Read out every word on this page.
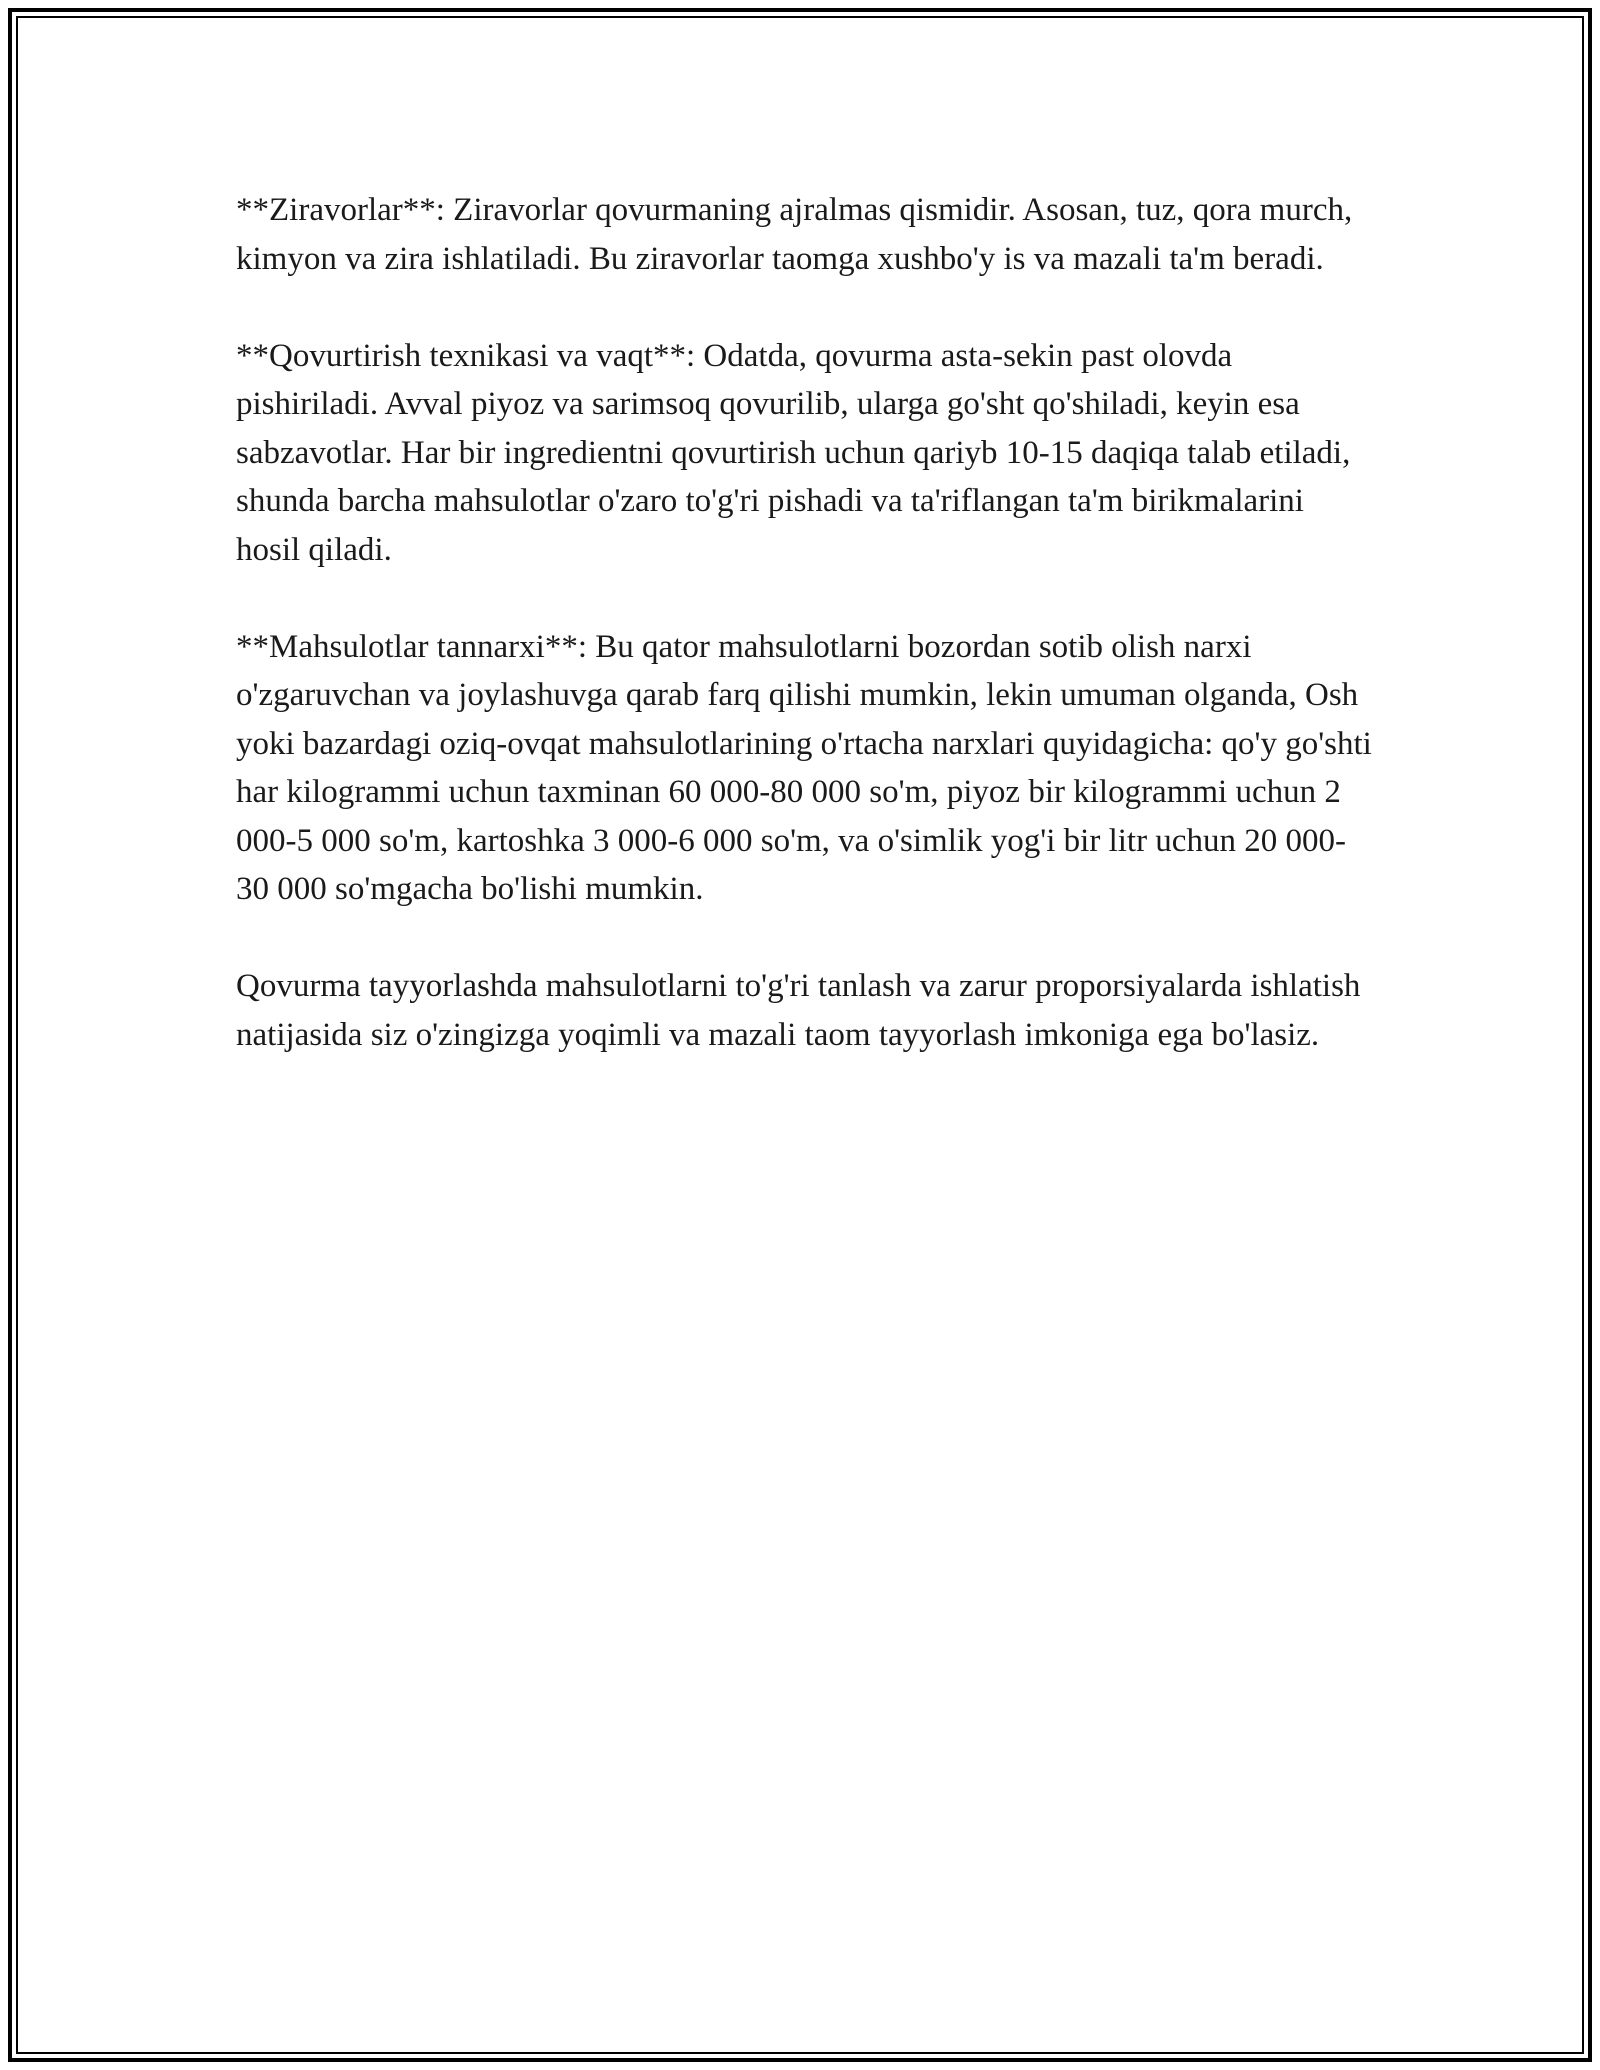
**Ziravorlar**: Ziravorlar qovurmaning ajralmas qismidir. Asosan, tuz, qora murch, kimyon va zira ishlatiladi. Bu ziravorlar taomga xushbo'y is va mazali ta'm beradi.

**Qovurtirish texnikasi va vaqt**: Odatda, qovurma asta-sekin past olovda pishiriladi. Avval piyoz va sarimsoq qovurilib, ularga go'sht qo'shiladi, keyin esa sabzavotlar. Har bir ingredientni qovurtirish uchun qariyb 10-15 daqiqa talab etiladi, shunda barcha mahsulotlar o'zaro to'g'ri pishadi va ta'riflangan ta'm birikmalarini hosil qiladi.

**Mahsulotlar tannarxi**: Bu qator mahsulotlarni bozordan sotib olish narxi o'zgaruvchan va joylashuvga qarab farq qilishi mumkin, lekin umuman olganda, Osh yoki bazardagi oziq-ovqat mahsulotlarining o'rtacha narxlari quyidagicha: qo'y go'shti har kilogrammi uchun taxminan 60 000-80 000 so'm, piyoz bir kilogrammi uchun 2 000-5 000 so'm, kartoshka 3 000-6 000 so'm, va o'simlik yog'i bir litr uchun 20 000-30 000 so'mgacha bo'lishi mumkin.

Qovurma tayyorlashda mahsulotlarni to'g'ri tanlash va zarur proporsiyalarda ishlatish natijasida siz o'zingizga yoqimli va mazali taom tayyorlash imkoniga ega bo'lasiz.
